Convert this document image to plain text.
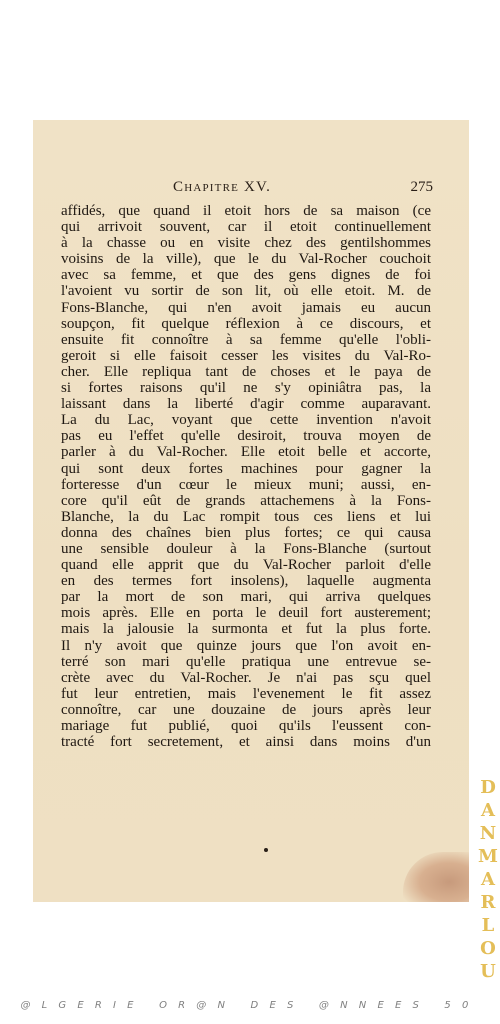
Chapitre XV.	275
affidés, que quand il etoit hors de sa maison (ce
qui arrivoit souvent, car il etoit continuellement
à la chasse ou en visite chez des gentilshommes
voisins de la ville), que le du Val-Rocher couchoit
avec sa femme, et que des gens dignes de foi
l'avoient vu sortir de son lit, où elle etoit. M. de
Fons-Blanche, qui n'en avoit jamais eu aucun
soupçon, fit quelque réflexion à ce discours, et
ensuite fit connoître à sa femme qu'elle l'obli-
geroit si elle faisoit cesser les visites du Val-Ro-
cher. Elle repliqua tant de choses et le paya de
si fortes raisons qu'il ne s'y opiniâtra pas, la
laissant dans la liberté d'agir comme auparavant.
La du Lac, voyant que cette invention n'avoit
pas eu l'effet qu'elle desiroit, trouva moyen de
parler à du Val-Rocher. Elle etoit belle et accorte,
qui sont deux fortes machines pour gagner la
forteresse d'un cœur le mieux muni; aussi, en-
core qu'il eût de grands attachemens à la Fons-
Blanche, la du Lac rompit tous ces liens et lui
donna des chaînes bien plus fortes; ce qui causa
une sensible douleur à la Fons-Blanche (surtout
quand elle apprit que du Val-Rocher parloit d'elle
en des termes fort insolens), laquelle augmenta
par la mort de son mari, qui arriva quelques
mois après. Elle en porta le deuil fort austerement;
mais la jalousie la surmonta et fut la plus forte.
Il n'y avoit que quinze jours que l'on avoit en-
terré son mari qu'elle pratiqua une entrevue se-
crète avec du Val-Rocher. Je n'ai pas sçu quel
fut leur entretien, mais l'evenement le fit assez
connoître, car une douzaine de jours après leur
mariage fut publié, quoi qu'ils l'eussent con-
tracté fort secretement, et ainsi dans moins d'un
D
A
N
M
A
R
L
O
U
@LGERIE OR@N DES @NNEES 50
